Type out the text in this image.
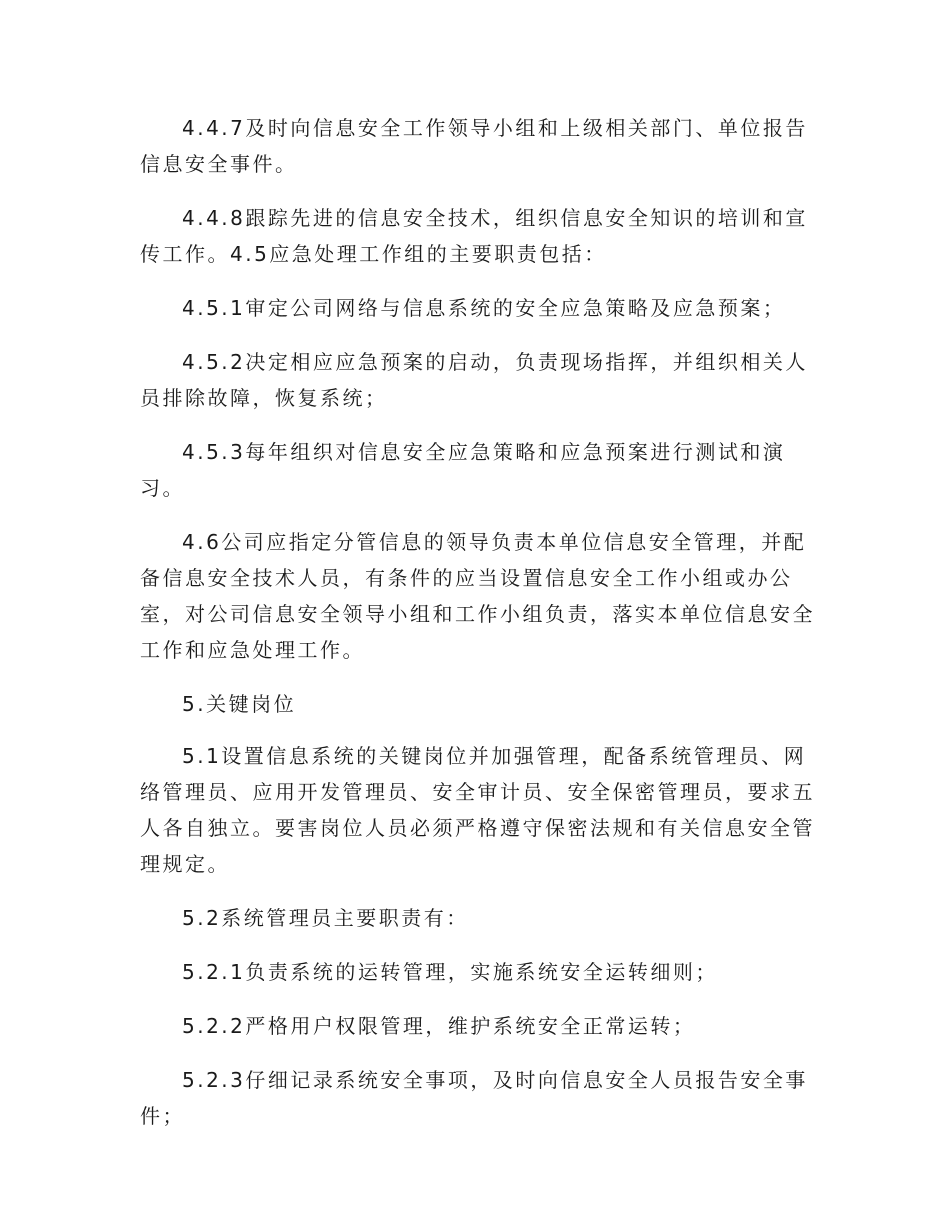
4.4.7及时向信息安全工作领导小组和上级相关部门、单位报告信息安全事件。

4.4.8跟踪先进的信息安全技术，组织信息安全知识的培训和宣传工作。4.5应急处理工作组的主要职责包括：

4.5.1审定公司网络与信息系统的安全应急策略及应急预案；

4.5.2决定相应应急预案的启动，负责现场指挥，并组织相关人员排除故障，恢复系统；

4.5.3每年组织对信息安全应急策略和应急预案进行测试和演习。

4.6公司应指定分管信息的领导负责本单位信息安全管理，并配备信息安全技术人员，有条件的应当设置信息安全工作小组或办公室，对公司信息安全领导小组和工作小组负责，落实本单位信息安全工作和应急处理工作。

5.关键岗位

5.1设置信息系统的关键岗位并加强管理，配备系统管理员、网络管理员、应用开发管理员、安全审计员、安全保密管理员，要求五人各自独立。要害岗位人员必须严格遵守保密法规和有关信息安全管理规定。

5.2系统管理员主要职责有：

5.2.1负责系统的运转管理，实施系统安全运转细则；

5.2.2严格用户权限管理，维护系统安全正常运转；

5.2.3仔细记录系统安全事项，及时向信息安全人员报告安全事件；
